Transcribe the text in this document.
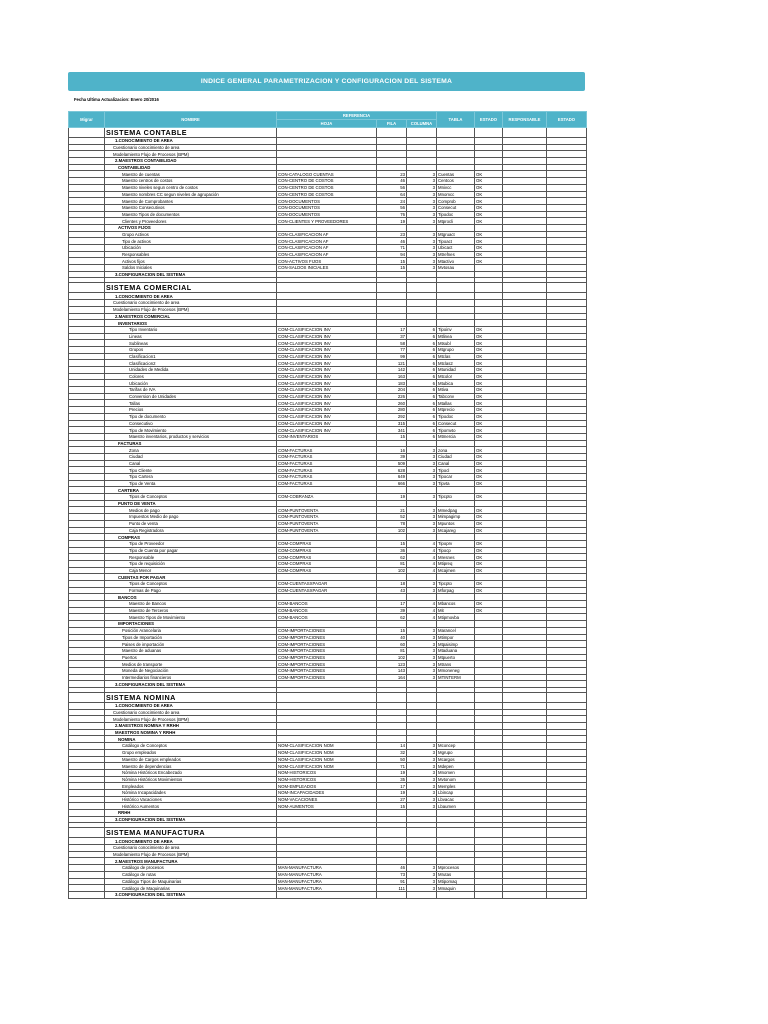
INDICE GENERAL PARAMETRIZACION Y CONFIGURACION DEL SISTEMA
Fecha Ultima Actualizacion: Enero 20/2016
Migrar	NOMBRE	REFERENCIA			TABLA	ESTADO	RESPONSABLE	ESTADO
		HOJA	FILA	COLUMNA				
	SISTEMA CONTABLE							
	1.CONOCIMIENTO DE AREA							
	Cuestionario conocimiento de area							
	Modelamiento Flujo de Procesos (BPM)							
	2.MAESTROS CONTABILIDAD							
	CONTABILIDAD							
	Maestro de cuentas	CON-CATALOGO CUENTAS	23	3	Cuentas	OK		
	Maestro centros de costos	CON-CENTRO DE COSTOS	46	3	Centcos	OK		
	Maestro niveles segun centro de costos	CON-CENTRO DE COSTOS	56	3	Mnivcc	OK		
	Maestro nombres CC segun niveles de agrupación	CON-CENTRO DE COSTOS	64	3	Mnomcc	OK		
	Maestro de Comprobantes	CON-DOCUMENTOS	24	3	Comprob	OK		
	Maestro Consecutivos	CON-DOCUMENTOS	56	3	Consecut	OK		
	Maestro Tipos de documentos	CON-DOCUMENTOS	76	3	Tipodoc	OK		
	Clientes y Proveedores	CON-CLIENTES Y PROVEEDORES	19	3	Mtprocli	OK		
	ACTIVOS FIJOS							
	Grupo Activos	CON-CLASIFICACION AF	23	3	Mtgruact	OK		
	Tipo de activos	CON-CLASIFICACION AF	46	3	Tipoact	OK		
	Ubicación	CON-CLASIFICACION AF	71	3	Ubicact	OK		
	Responsables	CON-CLASIFICACION AF	94	3	Mtrefnes	OK		
	Activos fijos	CON-ACTIVOS FIJOS	15	3	Mtactivo	OK		
	Saldos Iniciales	CON-SALDOS INICIALES	15	3	Mvtosau			
	3.CONFIGURACION DEL SISTEMA							

	SISTEMA COMERCIAL							
	1.CONOCIMIENTO DE AREA							
	Cuestionario conocimiento de area							
	Modelamiento Flujo de Procesos (BPM)							
	2.MAESTROS COMERCIAL							
	INVENTARIOS							
	Tipo Inventario	COM-CLASIFICACION INV	17	6	Tipoinv	OK		
	Lineas	COM-CLASIFICACION INV	37	6	Mtlinea	OK		
	Sublineas	COM-CLASIFICACION INV	58	6	Mtsubl	OK		
	Grupos	COM-CLASIFICACION INV	77	6	Mtgrupo	OK		
	Clasificacion1	COM-CLASIFICACION INV	99	6	Mtclas	OK		
	Clasificacion2	COM-CLASIFICACION INV	121	6	Mtclas2	OK		
	Unidades de Medida	COM-CLASIFICACION INV	142	6	Mtunidad	OK		
	Colores	COM-CLASIFICACION INV	163	6	Mtcolor	OK		
	Ubicación	COM-CLASIFICACION INV	183	6	Mtubica	OK		
	Tarifas de IVA	COM-CLASIFICACION INV	204	6	Mtiva	OK		
	Conversion de Unidades	COM-CLASIFICACION INV	226	6	Tabconv	OK		
	Tallas	COM-CLASIFICACION INV	260	6	Mtallas	OK		
	Precios	COM-CLASIFICACION INV	280	6	Mtprecio	OK		
	Tipo de documento	COM-CLASIFICACION INV	292	6	Tipodoc	OK		
	Consecutivo	COM-CLASIFICACION INV	315	6	Consecut	OK		
	Tipo de Movimiento	COM-CLASIFICACION INV	341	6	Tipomvto	OK		
	Maestro inventarios, productos y servicios	COM-INVENTARIOS	15	6	Mtmercia	OK		
	FACTURAS							
	Zona	COM-FACTURAS	16	3	zona	OK		
	Ciudad	COM-FACTURAS	39	3	Ciudad	OK		
	Canal	COM-FACTURAS	509	3	Canal	OK		
	Tipo Cliente	COM-FACTURAS	628	3	Tipocl	OK		
	Tipo Cartera	COM-FACTURAS	649	3	Tipocar	OK		
	Tipo de Venta	COM-FACTURAS	666	3	Tipvta	OK		
	CARTERA							
	Tipos de Conceptos	COM-COBRANZA	19	3	Tipcpto	OK		
	PUNTO DE VENTA							
	Medios de pago	COM-PUNTOVENTA	21	3	Mmedpag	OK		
	Impuestos Medio de pago	COM-PUNTOVENTA	52	3	Mimpagimp	OK		
	Punto de venta	COM-PUNTOVENTA	78	3	Mpuntos	OK		
	Caja Registradora	COM-PUNTOVENTA	102	3	Mcajareg	OK		
	COMPRAS							
	Tipo de Proveedor	COM-COMPRAS	15	4	Tipoprv	OK		
	Tipo de Cuenta por pagar	COM-COMPRAS	36	4	Tipocp	OK		
	Responsable	COM-COMPRAS	62	4	Mresnes	OK		
	Tipo de requisición	COM-COMPRAS	81	4	Mtipreq	OK		
	Caja Menor	COM-COMPRAS	102	4	Mcajmen	OK		
	CUENTAS POR PAGAR							
	Tipos de Conceptos	COM-CUENTASXPAGAR	18	3	Tipcpto	OK		
	Formas de Pago	COM-CUENTASXPAGAR	43	3	Mforpag	OK		
	BANCOS							
	Maestro de Bancos	COM-BANCOS	17	4	Mbancos	OK		
	Maestro de Terceros	COM-BANCOS	39	4	Mit	OK		
	Maestro Tipos de Movimiento	COM-BANCOS	62	4	Mtipmovba			
	IMPORTACIONES							
	Posición Arancelaria	COM-IMPORTACIONES	15	3	Marancel			
	Tipos de Importación	COM-IMPORTACIONES	40	3	Mtimpor			
	Paises de importación	COM-IMPORTACIONES	60	3	Mtpaisimp			
	Maestro de aduanas	COM-IMPORTACIONES	81	3	Mtaduana			
	Puertos	COM-IMPORTACIONES	102	3	Mtpuerto			
	Medios de transporte	COM-IMPORTACIONES	123	3	Mtrans			
	Moneda de Negociación	COM-IMPORTACIONES	143	3	Mmoneneg			
	Intermediarios financieros	COM-IMPORTACIONES	164	3	MTINTERM			
	3.CONFIGURACION DEL SISTEMA							

	SISTEMA NOMINA							
	1.CONOCIMIENTO DE AREA							
	Cuestionario conocimiento de area							
	Modelamiento Flujo de Procesos (BPM)							
	2.MAESTROS NOMINA Y RRHH							
	MAESTROS NOMINA Y RRHH							
	NOMINA							
	Catálogo de Conceptos	NOM-CLASIFICACION NOM	14	3	Mconcep			
	Grupo empleados	NOM-CLASIFICACION NOM	32	3	Mgrupo			
	Maestro de Cargos empleados	NOM-CLASIFICACION NOM	50	3	Mcargos			
	Maestro de dependencias	NOM-CLASIFICACION NOM	71	3	Mdepen			
	Nómina Históricos Encabezado	NOM-HISTORICOS	19	3	Mnomen			
	Nómina Históricos Movimientos	NOM-HISTORICOS	35	3	Mvtonom			
	Empleados	NOM-EMPLEADOS	17	3	Memples			
	Nómina Incapacidades	NOM-INCAPACIDADES	19	3	Lbincap			
	Histórico Vacaciones	NOM-VACACIONES	27	3	Lbvacac			
	Histórico Aumentos	NOM-AUMENTOS	15	3	Lbaumen			
	RRHH							
	3.CONFIGURACION DEL SISTEMA							

	SISTEMA MANUFACTURA							
	1.CONOCIMIENTO DE AREA							
	Cuestionario conocimiento de area							
	Modelamiento Flujo de Procesos (BPM)							
	2.MAESTROS MANUFACTURA							
	Catálogo de procesos	MAN-MANUFACTURA	46	3	Mprocesos			
	Catálogo de rutas	MAN-MANUFACTURA	73	3	Mrutas			
	Catálogo Tipos de Maquinarias	MAN-MANUFACTURA	91	3	Mtipomaq			
	Catálogo de Maquinarias	MAN-MANUFACTURA	111	3	Mmaquin			
	3.CONFIGURACION DEL SISTEMA							
